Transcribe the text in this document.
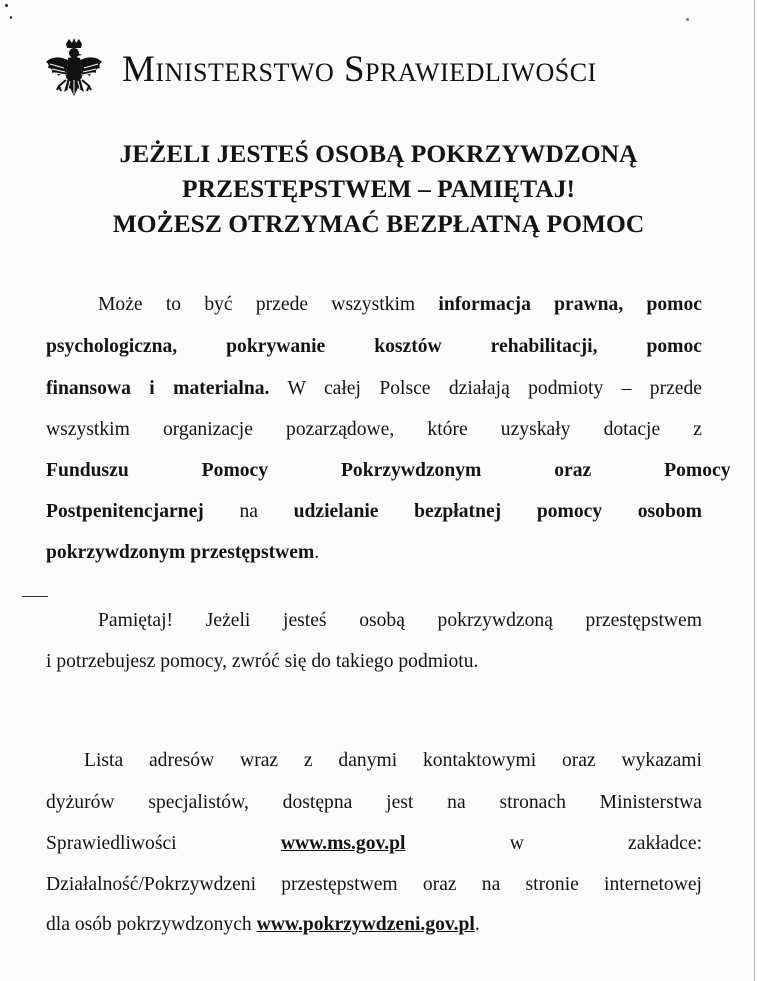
Ministerstwo Sprawiedliwości
JEŻELI JESTEŚ OSOBĄ POKRZYWDZONĄ
PRZESTĘPSTWEM – PAMIĘTAJ!
MOŻESZ OTRZYMAĆ BEZPŁATNĄ POMOC
Może to być przede wszystkim informacja prawna, pomoc
psychologiczna, pokrywanie kosztów rehabilitacji, pomoc
finansowa i materialna. W całej Polsce działają podmioty – przede
wszystkim organizacje pozarządowe, które uzyskały dotacje z
Funduszu Pomocy Pokrzywdzonym oraz Pomocy
Postpenitencjarnej na udzielanie bezpłatnej pomocy osobom
pokrzywdzonym przestępstwem.
Pamiętaj! Jeżeli jesteś osobą pokrzywdzoną przestępstwem
i potrzebujesz pomocy, zwróć się do takiego podmiotu.
Lista adresów wraz z danymi kontaktowymi oraz wykazami
dyżurów specjalistów, dostępna jest na stronach Ministerstwa
Sprawiedliwości	www.ms.gov.pl	w	zakładce:
Działalność/Pokrzywdzeni przestępstwem oraz na stronie internetowej
dla osób pokrzywdzonych www.pokrzywdzeni.gov.pl.
